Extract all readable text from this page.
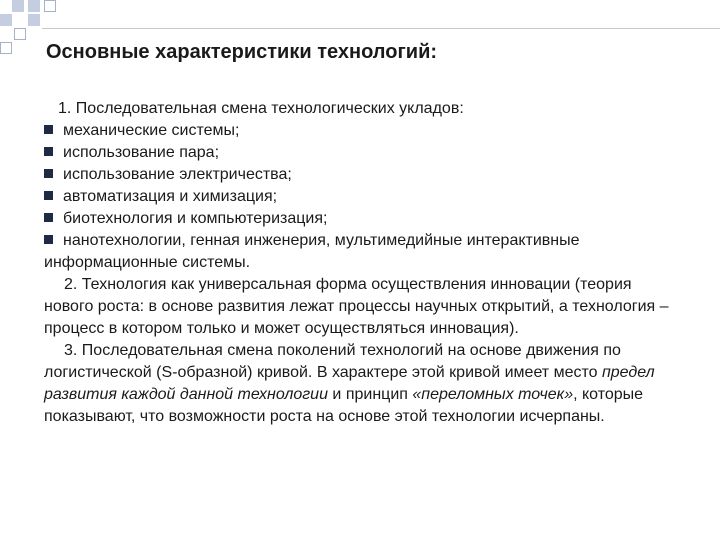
Основные характеристики технологий:

1. Последовательная смена технологических укладов:

механические системы;
использование пара;
использование электричества;
автоматизация и химизация;
биотехнология и компьютеризация;
нанотехнологии, генная инженерия, мультимедийные интерактивные информационные системы.

2. Технология как универсальная форма осуществления инновации (теория нового роста: в основе развития лежат процессы научных открытий, а технология – процесс в котором только и может осуществляться инновация).

3. Последовательная смена поколений технологий на основе движения по логистической (S-образной) кривой. В характере этой кривой имеет место предел развития каждой данной технологии и принцип «переломных точек», которые показывают, что возможности роста на основе этой технологии исчерпаны.
